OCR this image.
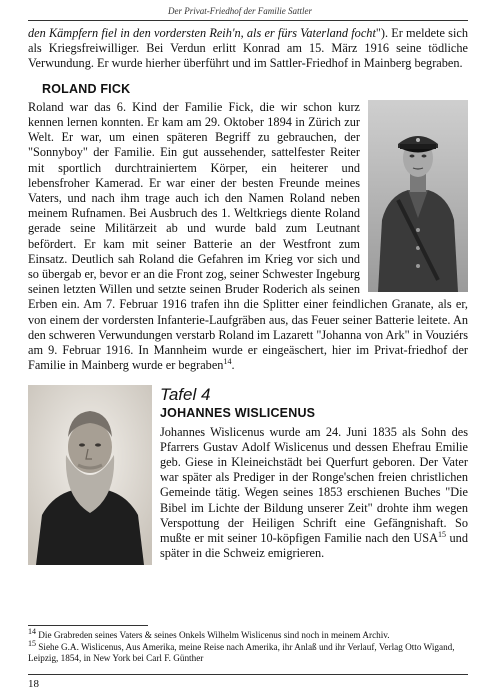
Der Privat-Friedhof der Familie Sattler

den Kämpfern fiel in den vordersten Reih'n, als er fürs Vaterland focht"). Er meldete sich als Kriegsfreiwilliger. Bei Verdun erlitt Konrad am 15. März 1916 seine tödliche Verwundung. Er wurde hierher überführt und im Sattler-Friedhof in Mainberg begraben.

ROLAND FICK

Roland war das 6. Kind der Familie Fick, die wir schon kurz kennen lernen konnten. Er kam am 29. Oktober 1894 in Zürich zur Welt. Er war, um einen späteren Begriff zu gebrauchen, der "Sonnyboy" der Familie. Ein gut aussehender, sattelfester Reiter mit sportlich durchtrainiertem Körper, ein heiterer und lebensfroher Kamerad. Er war einer der besten Freunde meines Vaters, und nach ihm trage auch ich den Namen Roland neben meinem Rufnamen. Bei Ausbruch des 1. Weltkriegs diente Roland gerade seine Militärzeit ab und wurde bald zum Leutnant befördert. Er kam mit seiner Batterie an der Westfront zum Einsatz. Deutlich sah Roland die Gefahren im Krieg vor sich und so übergab er, bevor er an die Front zog, seiner Schwester Ingeburg seinen letzten Willen und setzte seinen Bruder Roderich als seinen Erben ein. Am 7. Februar 1916 trafen ihn die Splitter einer feindlichen Granate, als er, von einem der vordersten Infanterie-Laufgräben aus, das Feuer seiner Batterie leitete. An den schweren Verwundungen verstarb Roland im Lazarett "Johanna von Ark" in Vouziérs am 9. Februar 1916. In Mannheim wurde er eingeäschert, hier im Privat-friedhof der Familie in Mainberg wurde er begraben$^{14}$.

Tafel 4
JOHANNES WISLICENUS

Johannes Wislicenus wurde am 24. Juni 1835 als Sohn des Pfarrers Gustav Adolf Wislicenus und dessen Ehefrau Emilie geb. Giese in Kleineichstädt bei Querfurt geboren. Der Vater war später als Prediger in der Ronge'schen freien christlichen Gemeinde tätig. Wegen seines 1853 erschienen Buches "Die Bibel im Lichte der Bildung unserer Zeit" drohte ihm wegen Verspottung der Heiligen Schrift eine Gefängnishaft. So mußte er mit seiner 10-köpfigen Familie nach den USA$^{15}$ und später in die Schweiz emigrieren.

$^{14}$ Die Grabreden seines Vaters & seines Onkels Wilhelm Wislicenus sind noch in meinem Archiv.

$^{15}$ Siehe G.A. Wislicenus, Aus Amerika, meine Reise nach Amerika, ihr Anlaß und ihr Verlauf, Verlag Otto Wigand, Leipzig, 1854, in New York bei Carl F. Günther

18
